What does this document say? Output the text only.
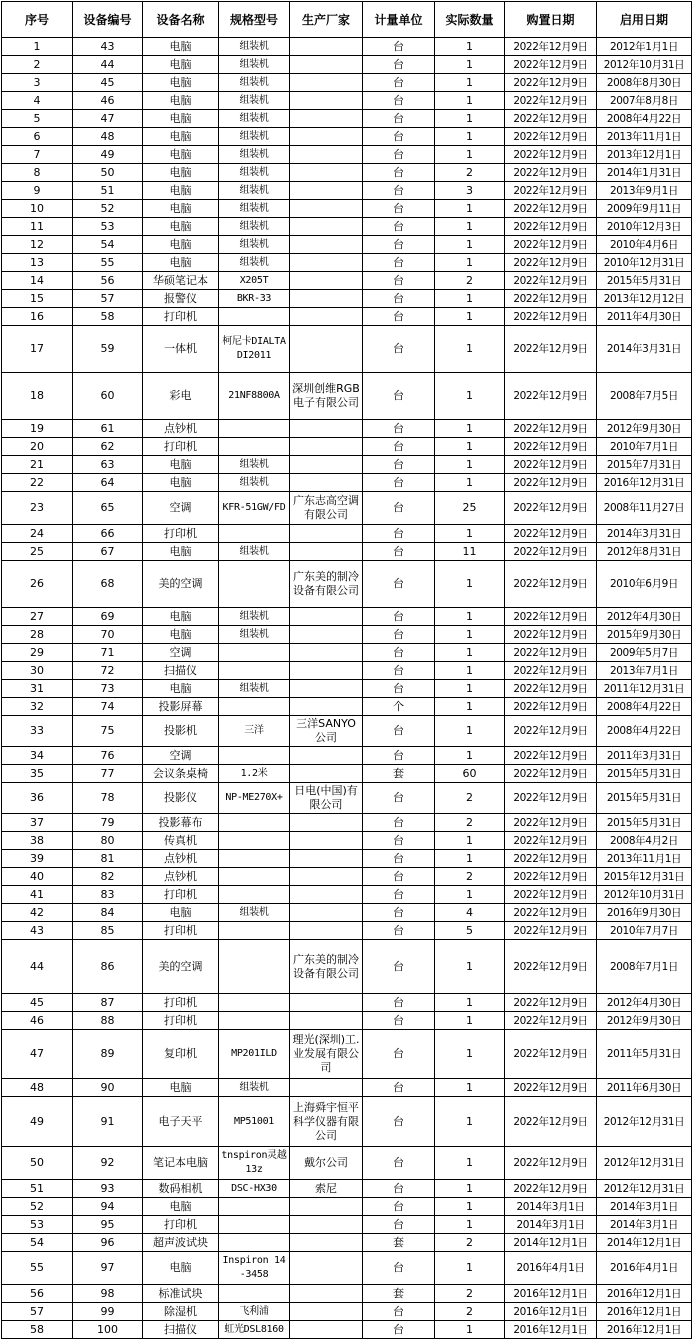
序号	设备编号	设备名称	规格型号	生产厂家	计量单位	实际数量	购置日期	启用日期
1	43	电脑	组装机		台	1	2022年12月9日	2012年1月1日
2	44	电脑	组装机		台	1	2022年12月9日	2012年10月31日
3	45	电脑	组装机		台	1	2022年12月9日	2008年8月30日
4	46	电脑	组装机		台	1	2022年12月9日	2007年8月8日
5	47	电脑	组装机		台	1	2022年12月9日	2008年4月22日
6	48	电脑	组装机		台	1	2022年12月9日	2013年11月1日
7	49	电脑	组装机		台	1	2022年12月9日	2013年12月1日
8	50	电脑	组装机		台	2	2022年12月9日	2014年1月31日
9	51	电脑	组装机		台	3	2022年12月9日	2013年9月1日
10	52	电脑	组装机		台	1	2022年12月9日	2009年9月11日
11	53	电脑	组装机		台	1	2022年12月9日	2010年12月3日
12	54	电脑	组装机		台	1	2022年12月9日	2010年4月6日
13	55	电脑	组装机		台	1	2022年12月9日	2010年12月31日
14	56	华硕笔记本	X205T		台	2	2022年12月9日	2015年5月31日
15	57	报警仪	BKR-33		台	1	2022年12月9日	2013年12月12日
16	58	打印机			台	1	2022年12月9日	2011年4月30日
17	59	一体机	柯尼卡DIALTADI2011		台	1	2022年12月9日	2014年3月31日
18	60	彩电	21NF8800A	深圳创维RGB电子有限公司	台	1	2022年12月9日	2008年7月5日
19	61	点钞机			台	1	2022年12月9日	2012年9月30日
20	62	打印机			台	1	2022年12月9日	2010年7月1日
21	63	电脑	组装机		台	1	2022年12月9日	2015年7月31日
22	64	电脑	组装机		台	1	2022年12月9日	2016年12月31日
23	65	空调	KFR-51GW/FD	广东志高空调有限公司	台	25	2022年12月9日	2008年11月27日
24	66	打印机			台	1	2022年12月9日	2014年3月31日
25	67	电脑	组装机		台	11	2022年12月9日	2012年8月31日
26	68	美的空调		广东美的制冷设备有限公司	台	1	2022年12月9日	2010年6月9日
27	69	电脑	组装机		台	1	2022年12月9日	2012年4月30日
28	70	电脑	组装机		台	1	2022年12月9日	2015年9月30日
29	71	空调			台	1	2022年12月9日	2009年5月7日
30	72	扫描仪			台	1	2022年12月9日	2013年7月1日
31	73	电脑	组装机		台	1	2022年12月9日	2011年12月31日
32	74	投影屏幕			个	1	2022年12月9日	2008年4月22日
33	75	投影机	三洋	三洋SANYO公司	台	1	2022年12月9日	2008年4月22日
34	76	空调			台	1	2022年12月9日	2011年3月31日
35	77	会议条桌椅	1.2米		套	60	2022年12月9日	2015年5月31日
36	78	投影仪	NP-ME270X+	日电(中国)有限公司	台	2	2022年12月9日	2015年5月31日
37	79	投影幕布			台	2	2022年12月9日	2015年5月31日
38	80	传真机			台	1	2022年12月9日	2008年4月2日
39	81	点钞机			台	1	2022年12月9日	2013年11月1日
40	82	点钞机			台	2	2022年12月9日	2015年12月31日
41	83	打印机			台	1	2022年12月9日	2012年10月31日
42	84	电脑	组装机		台	4	2022年12月9日	2016年9月30日
43	85	打印机			台	5	2022年12月9日	2010年7月7日
44	86	美的空调		广东美的制冷设备有限公司	台	1	2022年12月9日	2008年7月1日
45	87	打印机			台	1	2022年12月9日	2012年4月30日
46	88	打印机			台	1	2022年12月9日	2012年9月30日
47	89	复印机	MP201ILD	理光(深圳)工.业发展有限公司	台	1	2022年12月9日	2011年5月31日
48	90	电脑	组装机		台	1	2022年12月9日	2011年6月30日
49	91	电子天平	MP51001	上海舜宇恒平科学仪器有限公司	台	1	2022年12月9日	2012年12月31日
50	92	笔记本电脑	tnspiron灵越13z	戴尔公司	台	1	2022年12月9日	2012年12月31日
51	93	数码相机	DSC-HX30	索尼	台	1	2022年12月9日	2012年12月31日
52	94	电脑			台	1	2014年3月1日	2014年3月1日
53	95	打印机			台	1	2014年3月1日	2014年3月1日
54	96	超声波试块			套	2	2014年12月1日	2014年12月1日
55	97	电脑	Inspiron 14-3458		台	1	2016年4月1日	2016年4月1日
56	98	标准试块			套	2	2016年12月1日	2016年12月1日
57	99	除湿机	飞利浦		台	2	2016年12月1日	2016年12月1日
58	100	扫描仪	虹光DSL8160		台	1	2016年12月1日	2016年12月1日
